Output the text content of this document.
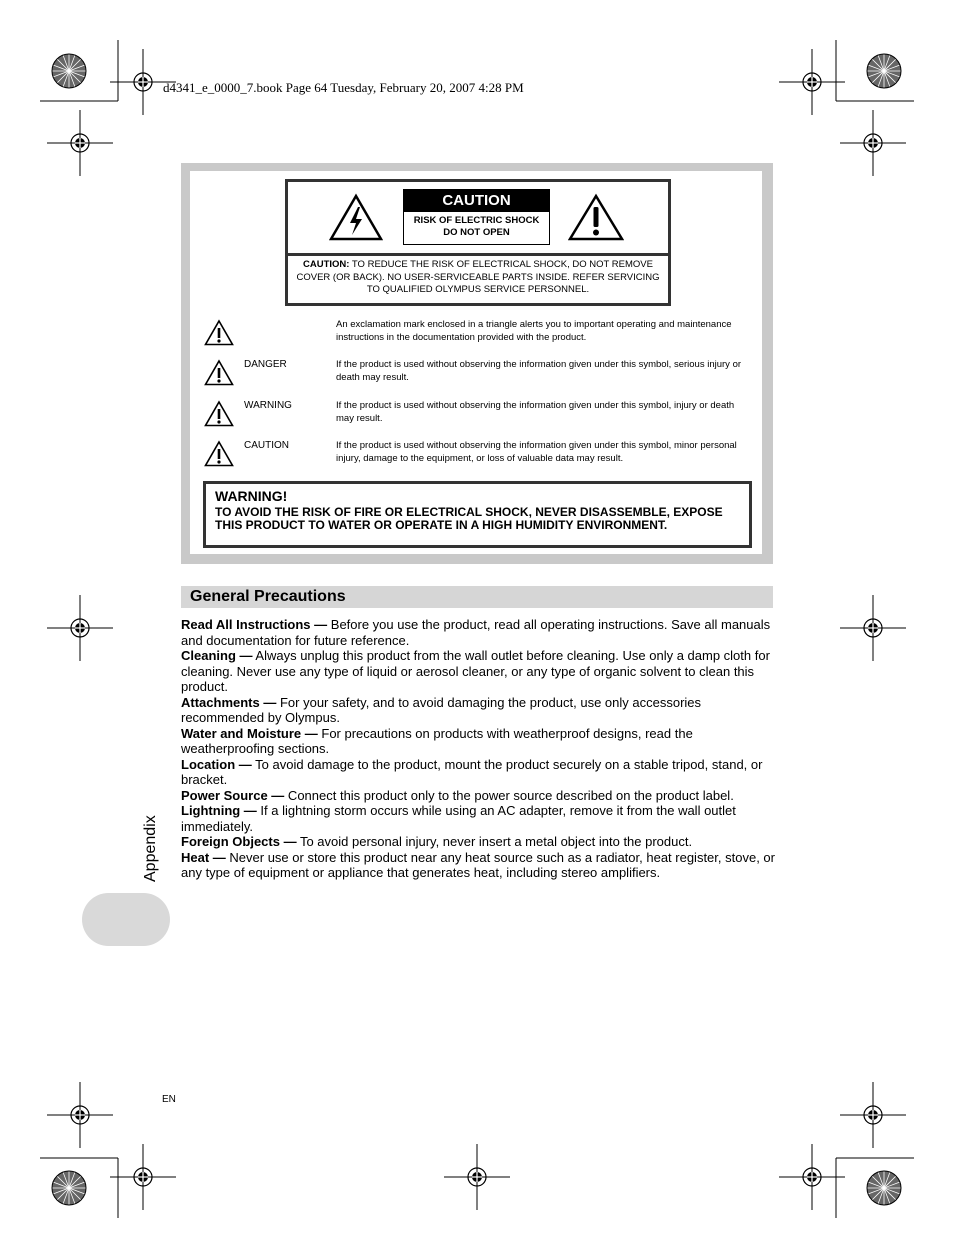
d4341_e_0000_7.book Page 64 Tuesday, February 20, 2007 4:28 PM
CAUTION
RISK OF ELECTRIC SHOCK
DO NOT OPEN
CAUTION: TO REDUCE THE RISK OF ELECTRICAL SHOCK, DO NOT REMOVE COVER (OR BACK). NO USER-SERVICEABLE PARTS INSIDE. REFER SERVICING TO QUALIFIED OLYMPUS SERVICE PERSONNEL.
An exclamation mark enclosed in a triangle alerts you to important operating and maintenance instructions in the documentation provided with the product.
DANGER	If the product is used without observing the information given under this symbol, serious injury or death may result.
WARNING	If the product is used without observing the information given under this symbol, injury or death may result.
CAUTION	If the product is used without observing the information given under this symbol, minor personal injury, damage to the equipment, or loss of valuable data may result.
WARNING!
TO AVOID THE RISK OF FIRE OR ELECTRICAL SHOCK, NEVER DISASSEMBLE, EXPOSE THIS PRODUCT TO WATER OR OPERATE IN A HIGH HUMIDITY ENVIRONMENT.
General Precautions

Read All Instructions — Before you use the product, read all operating instructions. Save all manuals and documentation for future reference.

Cleaning — Always unplug this product from the wall outlet before cleaning. Use only a damp cloth for cleaning. Never use any type of liquid or aerosol cleaner, or any type of organic solvent to clean this product.

Attachments — For your safety, and to avoid damaging the product, use only accessories recommended by Olympus.

Water and Moisture — For precautions on products with weatherproof designs, read the weatherproofing sections.

Location — To avoid damage to the product, mount the product securely on a stable tripod, stand, or bracket.

Power Source — Connect this product only to the power source described on the product label.

Lightning — If a lightning storm occurs while using an AC adapter, remove it from the wall outlet immediately.

Foreign Objects — To avoid personal injury, never insert a metal object into the product.

Heat — Never use or store this product near any heat source such as a radiator, heat register, stove, or any type of equipment or appliance that generates heat, including stereo amplifiers.

Appendix
EN
